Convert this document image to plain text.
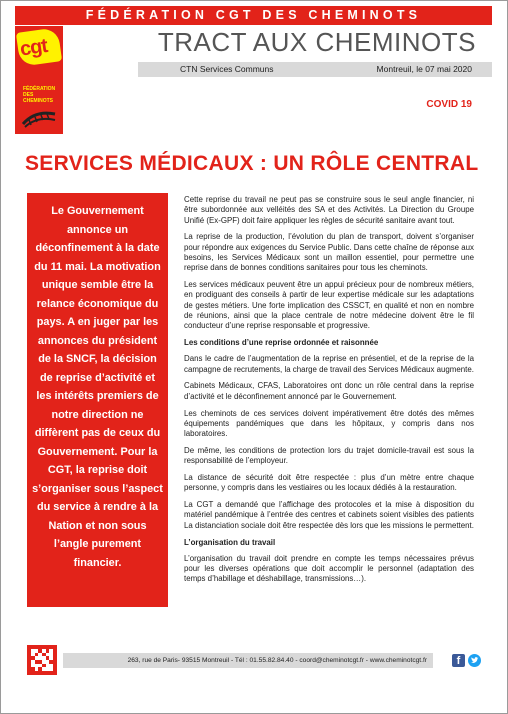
FÉDÉRATION CGT DES CHEMINOTS
cgt
FÉDÉRATION DES CHEMINOTS
TRACT AUX CHEMINOTS
CTN Services Communs	Montreuil, le 07 mai 2020
COVID 19
SERVICES MÉDICAUX : UN RÔLE CENTRAL
Le Gouvernement annonce un déconfinement à la date du 11 mai. La motivation unique semble être la relance économique du pays. A en juger par les annonces du président de la SNCF, la décision de reprise d’activité et les intérêts premiers de notre direction ne diffèrent pas de ceux du Gouvernement. Pour la CGT, la reprise doit s’organiser sous l’aspect du service à rendre à la Nation et non sous l’angle purement financier.

Cette reprise du travail ne peut pas se construire sous le seul angle financier, ni être subordonnée aux velléités des SA et des Activités. La Direction du Groupe Unifié (Ex-GPF) doit faire appliquer les règles de sécurité sanitaire avant tout.

La reprise de la production, l’évolution du plan de transport, doivent s’organiser pour répondre aux exigences du Service Public. Dans cette chaîne de réponse aux besoins, les Services Médicaux sont un maillon essentiel, pour permettre une reprise dans de bonnes conditions sanitaires pour tous les cheminots.

Les services médicaux peuvent être un appui précieux pour de nombreux métiers, en prodiguant des conseils à partir de leur expertise médicale sur les adaptations de gestes métiers. Une forte implication des CSSCT, en qualité et non en nombre de réunions, ainsi que la place centrale de notre médecine doivent être le fil conducteur d’une reprise responsable et progressive.

Les conditions d’une reprise ordonnée et raisonnée

Dans le cadre de l’augmentation de la reprise en présentiel, et de la reprise de la campagne de recrutements, la charge de travail des Services Médicaux augmente.

Cabinets Médicaux, CFAS, Laboratoires ont donc un rôle central dans la reprise d’activité et le déconfinement annoncé par le Gouvernement.

Les cheminots de ces services doivent impérativement être dotés des mêmes équipements pandémiques que dans les hôpitaux, y compris dans nos laboratoires.

De même, les conditions de protection lors du trajet domicile-travail est sous la responsabilité de l’employeur.

La distance de sécurité doit être respectée : plus d’un mètre entre chaque personne, y compris dans les vestiaires ou les locaux dédiés à la restauration.

La CGT a demandé que l’affichage des protocoles et la mise à disposition du matériel pandémique à l’entrée des centres et cabinets soient visibles des patients La distanciation sociale doit être respectée dès lors que les missions le permettent.

L’organisation du travail

L’organisation du travail doit prendre en compte les temps nécessaires prévus pour les diverses opérations que doit accomplir le personnel (adaptation des temps d’habillage et déshabillage, transmissions…).

263, rue de Paris- 93515 Montreuil - Tél : 01.55.82.84.40 - coord@cheminotcgt.fr - www.cheminotcgt.fr	f
